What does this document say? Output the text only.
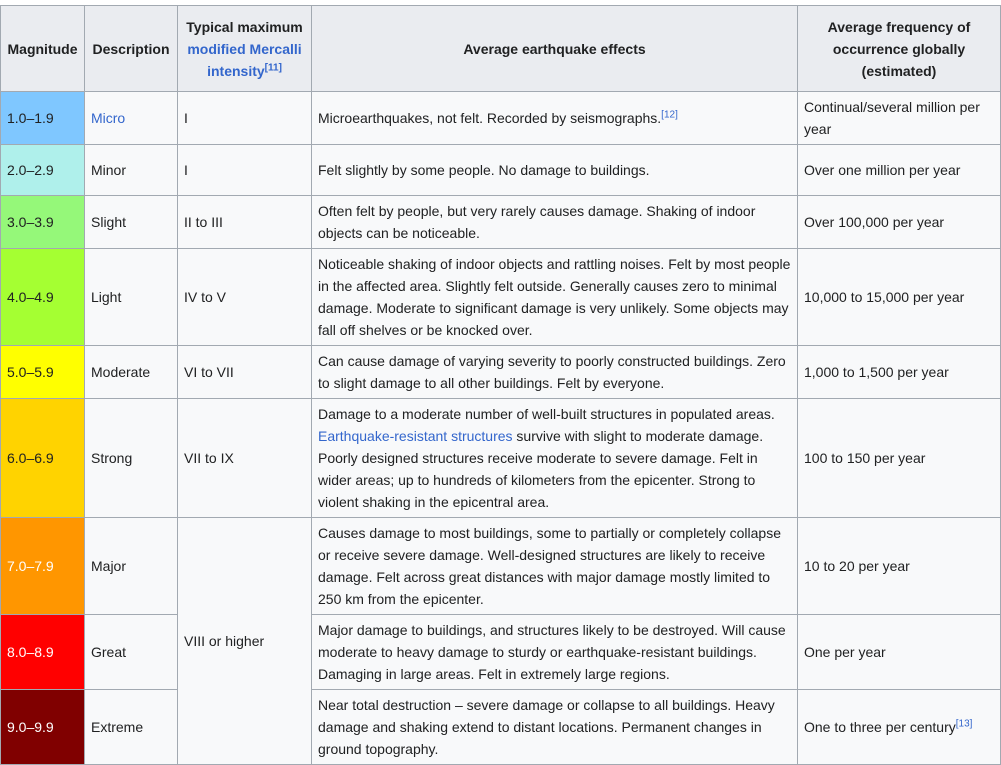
Magnitude	Description	Typical maximum modified Mercalli intensity[11]	Average earthquake effects	Average frequency of occurrence globally (estimated)
1.0–1.9	Micro	I	Microearthquakes, not felt. Recorded by seismographs.[12]	Continual/several million per year
2.0–2.9	Minor	I	Felt slightly by some people. No damage to buildings.	Over one million per year
3.0–3.9	Slight	II to III	Often felt by people, but very rarely causes damage. Shaking of indoor objects can be noticeable.	Over 100,000 per year
4.0–4.9	Light	IV to V	Noticeable shaking of indoor objects and rattling noises. Felt by most people in the affected area. Slightly felt outside. Generally causes zero to minimal damage. Moderate to significant damage is very unlikely. Some objects may fall off shelves or be knocked over.	10,000 to 15,000 per year
5.0–5.9	Moderate	VI to VII	Can cause damage of varying severity to poorly constructed buildings. Zero to slight damage to all other buildings. Felt by everyone.	1,000 to 1,500 per year
6.0–6.9	Strong	VII to IX	Damage to a moderate number of well-built structures in populated areas. Earthquake-resistant structures survive with slight to moderate damage. Poorly designed structures receive moderate to severe damage. Felt in wider areas; up to hundreds of kilometers from the epicenter. Strong to violent shaking in the epicentral area.	100 to 150 per year
7.0–7.9	Major	VIII or higher	Causes damage to most buildings, some to partially or completely collapse or receive severe damage. Well-designed structures are likely to receive damage. Felt across great distances with major damage mostly limited to 250 km from the epicenter.	10 to 20 per year
8.0–8.9	Great		Major damage to buildings, and structures likely to be destroyed. Will cause moderate to heavy damage to sturdy or earthquake-resistant buildings. Damaging in large areas. Felt in extremely large regions.	One per year
9.0–9.9	Extreme		Near total destruction – severe damage or collapse to all buildings. Heavy damage and shaking extend to distant locations. Permanent changes in ground topography.	One to three per century[13]
